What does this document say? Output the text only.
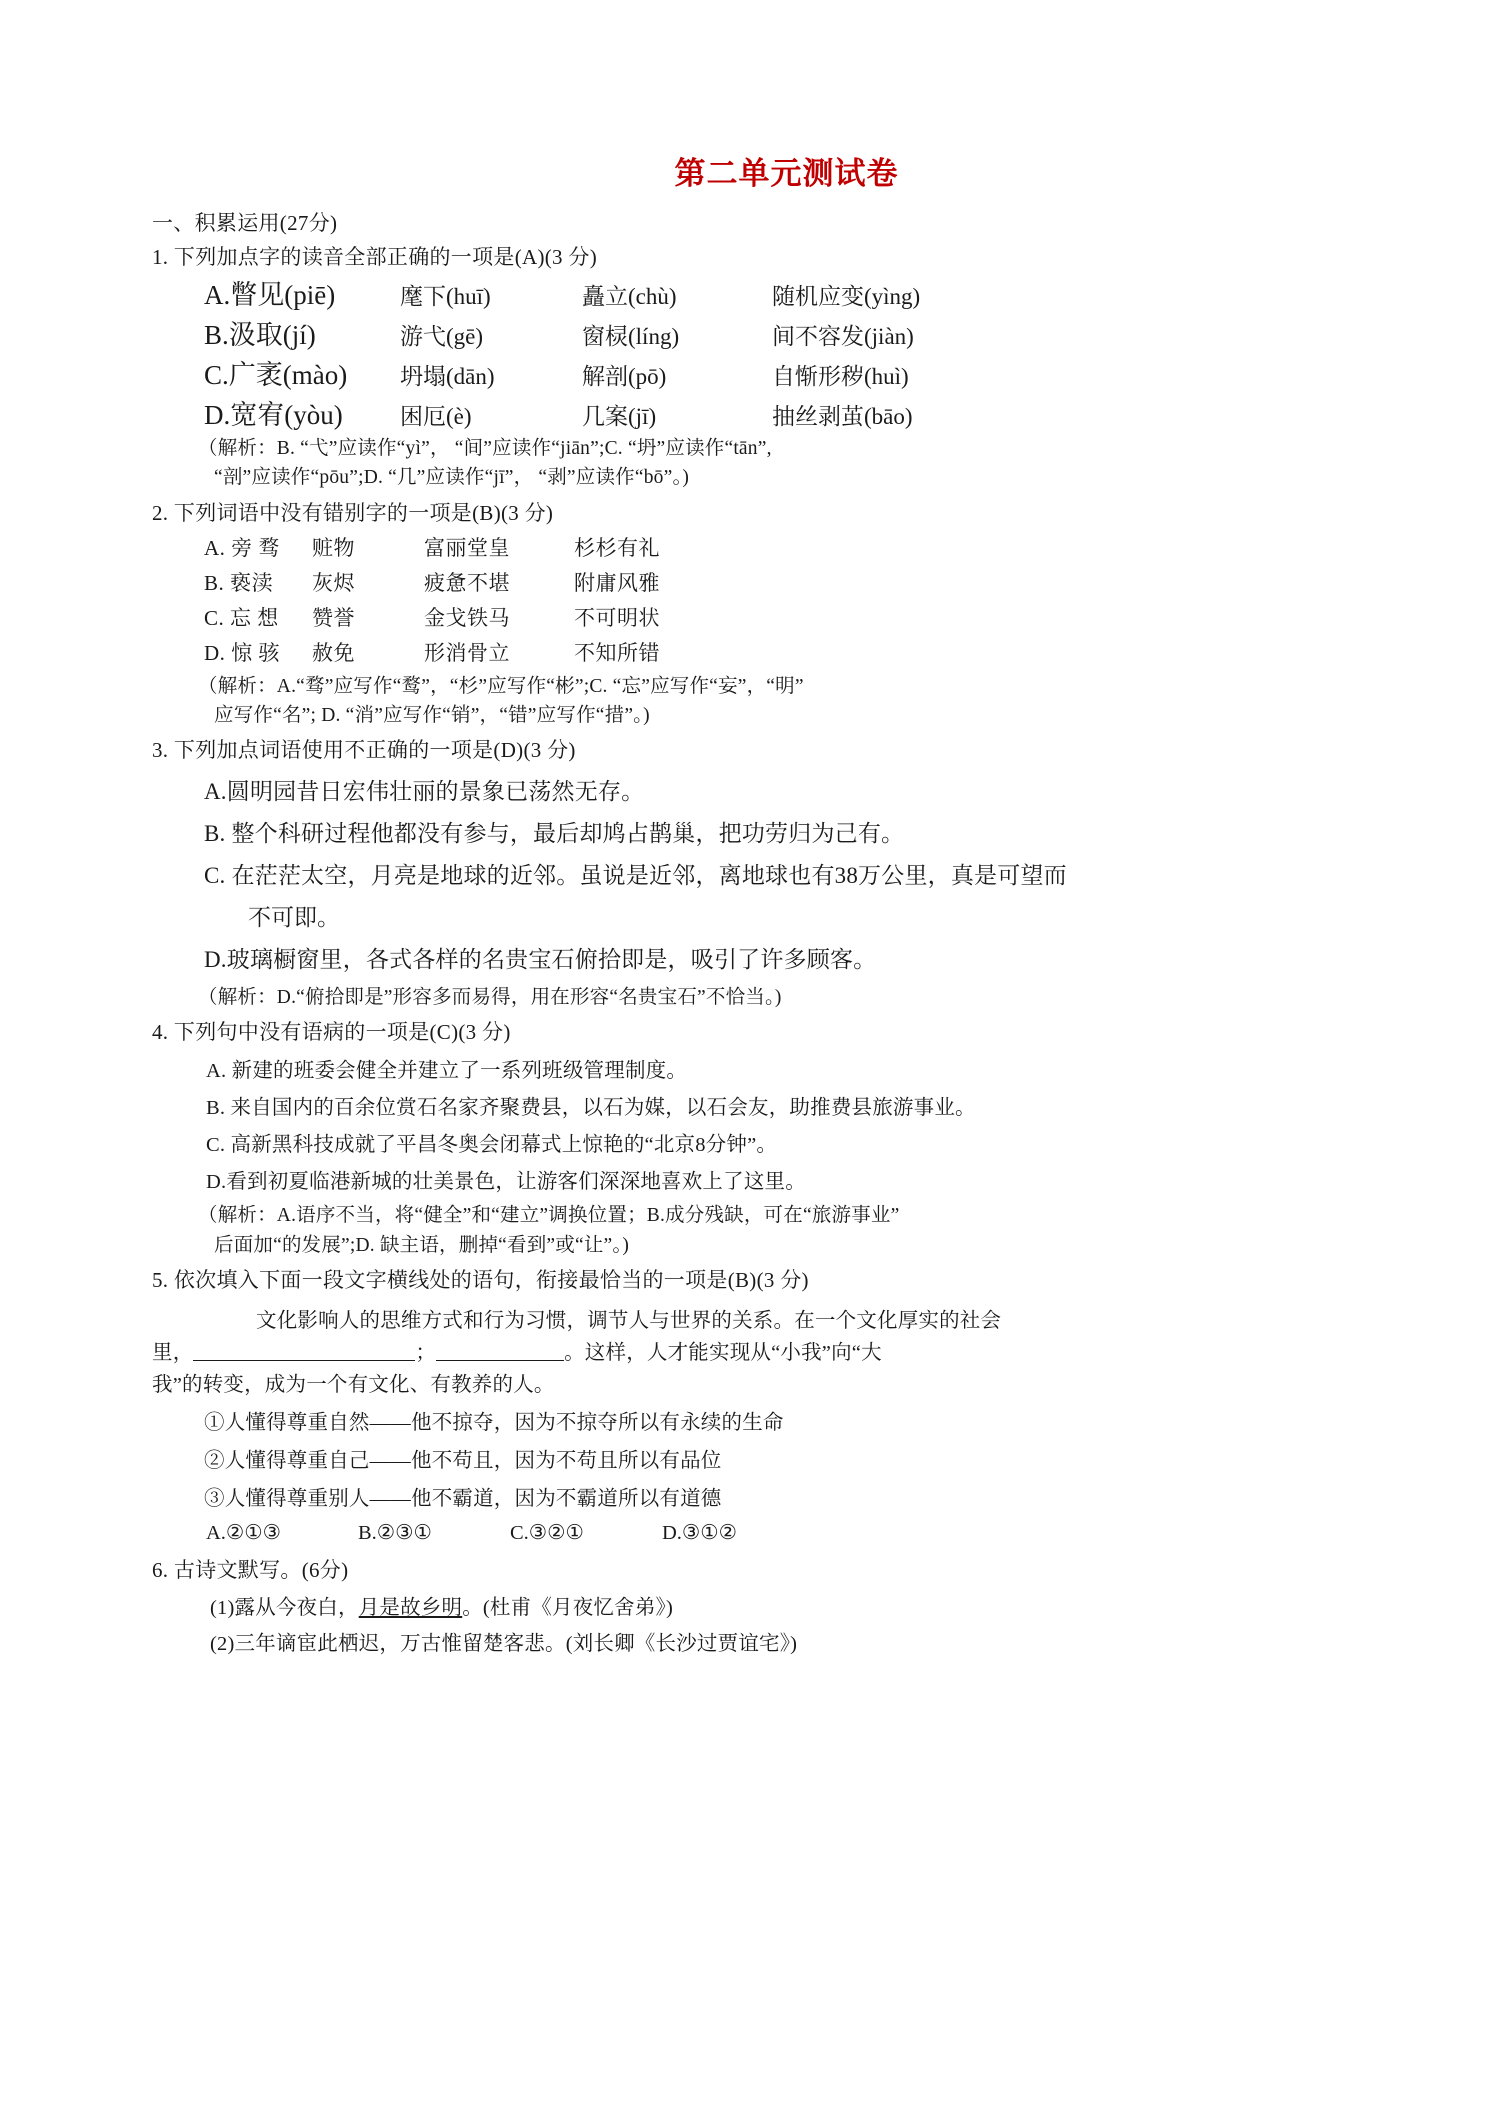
第二单元测试卷
一、积累运用(27分)
1. 下列加点字的读音全部正确的一项是(A)(3 分)
A.瞥见(piē)	麾下(huī)	矗立(chù)	随机应变(yìng)
B.汲取(jí)	游弋(gē)	窗棂(líng)	间不容发(jiàn)
C.广袤(mào)	坍塌(dān)	解剖(pō)	自惭形秽(huì)
D.宽宥(yòu)	困厄(è)	几案(jī)	抽丝剥茧(bāo)
（解析：B. “弋”应读作“yì”， “间”应读作“jiān”;C. “坍”应读作“tān”,
“剖”应读作“pōu”;D. “几”应读作“jī”， “剥”应读作“bō”。)
2. 下列词语中没有错别字的一项是(B)(3 分)
A. 旁 骛	赃物	富丽堂皇	杉杉有礼
B. 亵渎	灰烬	疲惫不堪	附庸风雅
C. 忘 想	赞誉	金戈铁马	不可明状
D. 惊 骇	赦免	形消骨立	不知所错
（解析：A.“骛”应写作“鹜”，“杉”应写作“彬”;C. “忘”应写作“妄”，“明”
应写作“名”; D. “消”应写作“销”，“错”应写作“措”。)
3. 下列加点词语使用不正确的一项是(D)(3 分)
A.圆明园昔日宏伟壮丽的景象已荡然无存。
B. 整个科研过程他都没有参与，最后却鸠占鹊巢，把功劳归为己有。
C. 在茫茫太空，月亮是地球的近邻。虽说是近邻，离地球也有38万公里，真是可望而
不可即。
D.玻璃橱窗里，各式各样的名贵宝石俯拾即是，吸引了许多顾客。
（解析：D.“俯拾即是”形容多而易得，用在形容“名贵宝石”不恰当。)
4. 下列句中没有语病的一项是(C)(3 分)
A. 新建的班委会健全并建立了一系列班级管理制度。
B. 来自国内的百余位赏石名家齐聚费县，以石为媒，以石会友，助推费县旅游事业。
C. 高新黑科技成就了平昌冬奥会闭幕式上惊艳的“北京8分钟”。
D.看到初夏临港新城的壮美景色，让游客们深深地喜欢上了这里。
（解析：A.语序不当，将“健全”和“建立”调换位置；B.成分残缺，可在“旅游事业”
后面加“的发展”;D. 缺主语，删掉“看到”或“让”。)
5. 依次填入下面一段文字横线处的语句，衔接最恰当的一项是(B)(3 分)
文化影响人的思维方式和行为习惯，调节人与世界的关系。在一个文化厚实的社会
里，	；	。这样，人才能实现从“小我”向“大
我”的转变，成为一个有文化、有教养的人。
①人懂得尊重自然——他不掠夺，因为不掠夺所以有永续的生命
②人懂得尊重自己——他不苟且，因为不苟且所以有品位
③人懂得尊重别人——他不霸道，因为不霸道所以有道德
A.②①③	B.②③①	C.③②①	D.③①②
6. 古诗文默写。(6分)
(1)露从今夜白，月是故乡明。(杜甫《月夜忆舍弟》)
(2)三年谪宦此栖迟，万古惟留楚客悲。(刘长卿《长沙过贾谊宅》)
